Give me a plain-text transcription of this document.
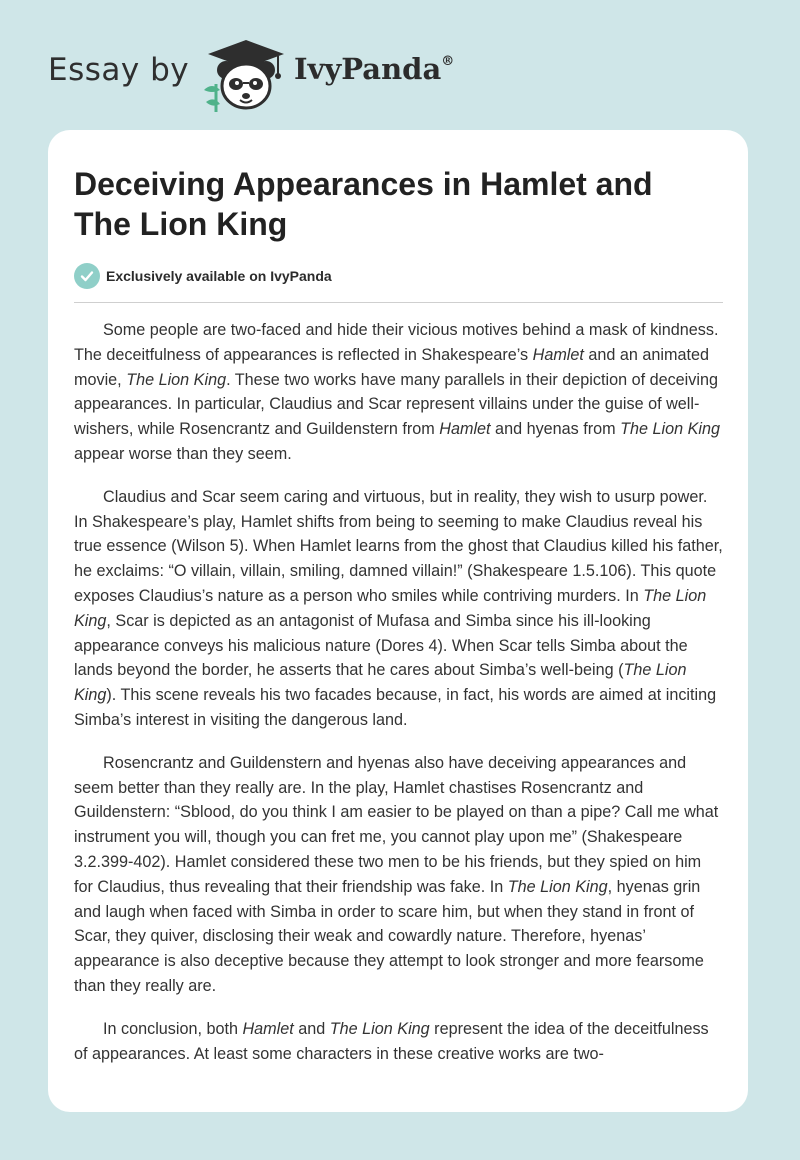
Essay by	IvyPanda®
Deceiving Appearances in Hamlet and The Lion King
Exclusively available on IvyPanda

Some people are two-faced and hide their vicious motives behind a mask of kindness. The deceitfulness of appearances is reflected in Shakespeare’s Hamlet and an animated movie, The Lion King. These two works have many parallels in their depiction of deceiving appearances. In particular, Claudius and Scar represent villains under the guise of well-wishers, while Rosencrantz and Guildenstern from Hamlet and hyenas from The Lion King appear worse than they seem.

Claudius and Scar seem caring and virtuous, but in reality, they wish to usurp power. In Shakespeare’s play, Hamlet shifts from being to seeming to make Claudius reveal his true essence (Wilson 5). When Hamlet learns from the ghost that Claudius killed his father, he exclaims: “O villain, villain, smiling, damned villain!” (Shakespeare 1.5.106). This quote exposes Claudius’s nature as a person who smiles while contriving murders. In The Lion King, Scar is depicted as an antagonist of Mufasa and Simba since his ill-looking appearance conveys his malicious nature (Dores 4). When Scar tells Simba about the lands beyond the border, he asserts that he cares about Simba’s well-being (The Lion King). This scene reveals his two facades because, in fact, his words are aimed at inciting Simba’s interest in visiting the dangerous land.

Rosencrantz and Guildenstern and hyenas also have deceiving appearances and seem better than they really are. In the play, Hamlet chastises Rosencrantz and Guildenstern: “Sblood, do you think I am easier to be played on than a pipe? Call me what instrument you will, though you can fret me, you cannot play upon me” (Shakespeare 3.2.399-402). Hamlet considered these two men to be his friends, but they spied on him for Claudius, thus revealing that their friendship was fake. In The Lion King, hyenas grin and laugh when faced with Simba in order to scare him, but when they stand in front of Scar, they quiver, disclosing their weak and cowardly nature. Therefore, hyenas’ appearance is also deceptive because they attempt to look stronger and more fearsome than they really are.

In conclusion, both Hamlet and The Lion King represent the idea of the deceitfulness of appearances. At least some characters in these creative works are two-
